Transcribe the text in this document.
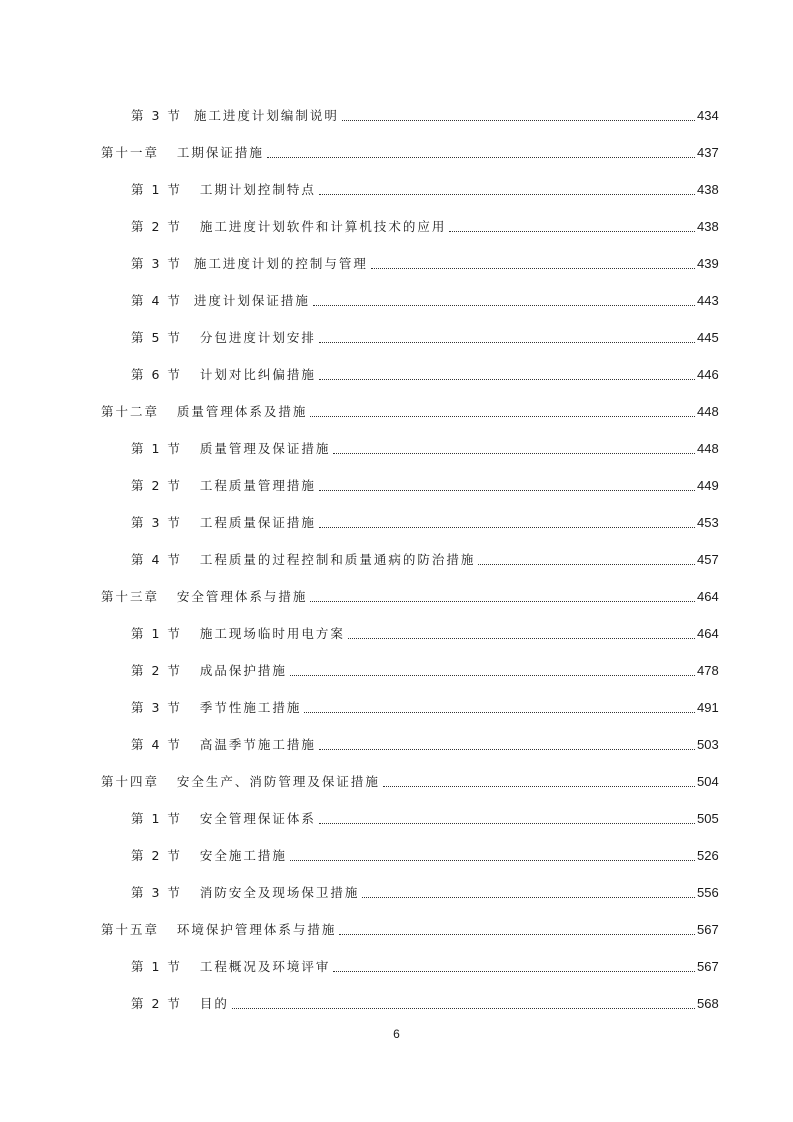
第 3 节  施工进度计划编制说明	434
第十一章   工期保证措施	437
第 1 节   工期计划控制特点	438
第 2 节   施工进度计划软件和计算机技术的应用	438
第 3 节  施工进度计划的控制与管理	439
第 4 节  进度计划保证措施	443
第 5 节   分包进度计划安排	445
第 6 节   计划对比纠偏措施	446
第十二章   质量管理体系及措施	448
第 1 节   质量管理及保证措施	448
第 2 节   工程质量管理措施	449
第 3 节   工程质量保证措施	453
第 4 节   工程质量的过程控制和质量通病的防治措施	457
第十三章   安全管理体系与措施	464
第 1 节   施工现场临时用电方案	464
第 2 节   成品保护措施	478
第 3 节   季节性施工措施	491
第 4 节   高温季节施工措施	503
第十四章   安全生产、消防管理及保证措施	504
第 1 节   安全管理保证体系	505
第 2 节   安全施工措施	526
第 3 节   消防安全及现场保卫措施	556
第十五章   环境保护管理体系与措施	567
第 1 节   工程概况及环境评审	567
第 2 节   目的	568
6
